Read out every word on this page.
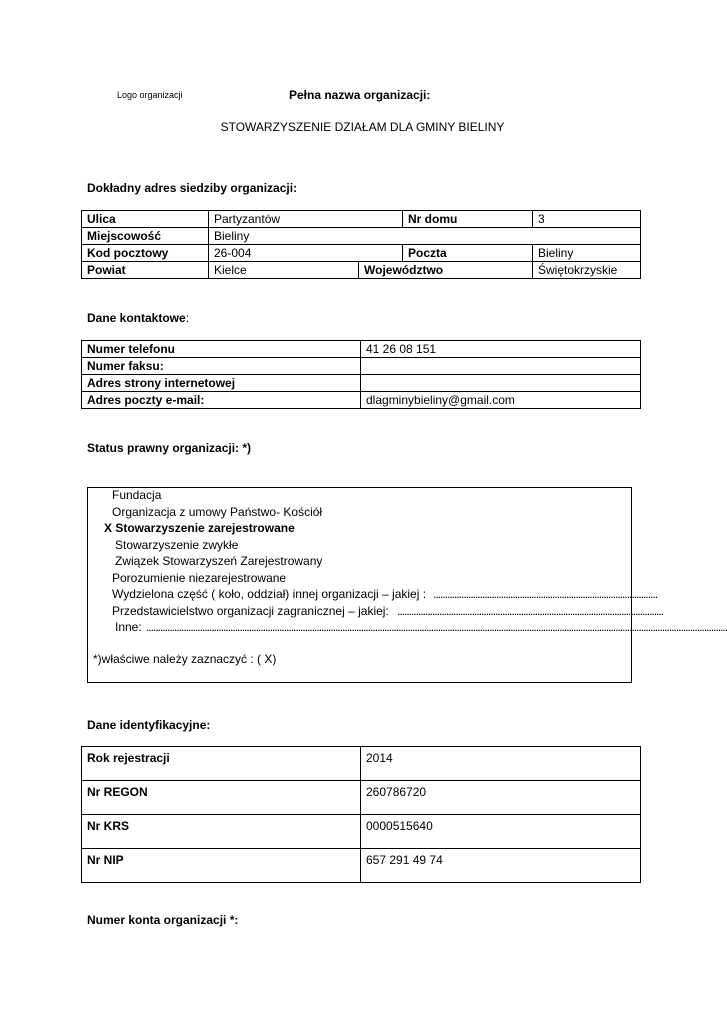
Logo organizacji	Pełna nazwa organizacji:
STOWARZYSZENIE DZIAŁAM DLA GMINY BIELINY
Dokładny adres siedziby organizacji:
Ulica	Partyzantów		Nr domu	3
Miejscowość	Bieliny			
Kod pocztowy	26-004		Poczta	Bieliny
Powiat	Kielce	Województwo		Świętokrzyskie
Dane kontaktowe:
Numer telefonu	41 26 08 151
Numer faksu:	
Adres strony internetowej	
Adres poczty e-mail:	dlagminybieliny@gmail.com
Status prawny organizacji: *)
Fundacja
Organizacja z umowy Państwo- Kościół
X Stowarzyszenie zarejestrowane
Stowarzyszenie zwykłe
Związek Stowarzyszeń Zarejestrowany
Porozumienie niezarejestrowane
Wydzielona część ( koło, oddział) innej organizacji – jakiej : ................................................................................................
Przedstawicielstwo organizacji zagranicznej – jakiej: ..................................................................................................................
Inne: .........................................................................................................................................................................................................................................................
*)właściwe należy zaznaczyć : ( X)
Dane identyfikacyjne:
Rok rejestracji	2014
Nr REGON	260786720
Nr KRS	0000515640
Nr NIP	657 291 49 74
Numer konta organizacji *:
